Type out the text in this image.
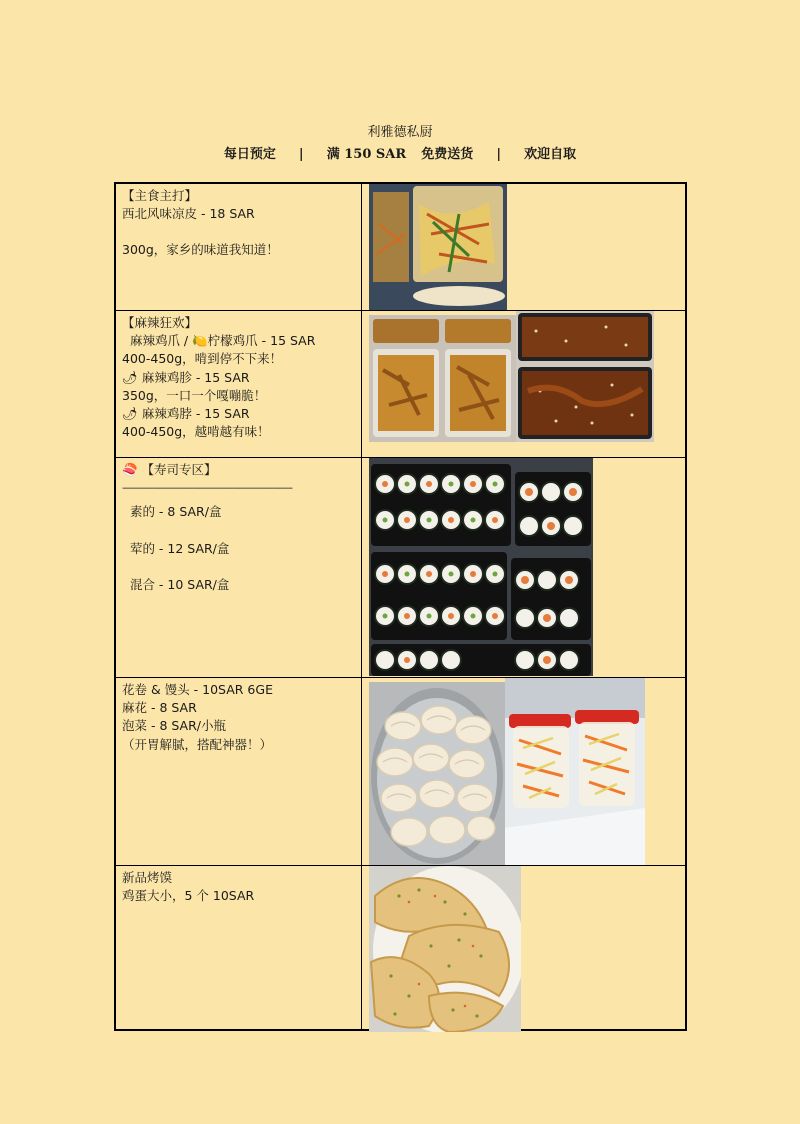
利雅德私厨
每日预定 | 满 150 SAR 免费送货 | 欢迎自取
【主食主打】
西北风味凉皮 - 18 SAR
300g，家乡的味道我知道！
【麻辣狂欢】
麻辣鸡爪 / 🍋柠檬鸡爪 - 15 SAR
400-450g，啃到停不下来！
🌶 麻辣鸡胗 - 15 SAR
350g，一口一个嘎嘣脆！
🌶 麻辣鸡脖 - 15 SAR
400-450g，越啃越有味！
🍣 【寿司专区】
—————————————————
素的 - 8 SAR/盒
荤的 - 12 SAR/盒
混合 - 10 SAR/盒
花卷 & 馒头 - 10SAR 6GE
麻花 - 8 SAR
泡菜 - 8 SAR/小瓶
（开胃解腻，搭配神器！）
新品烤馍
鸡蛋大小，5 个 10SAR
